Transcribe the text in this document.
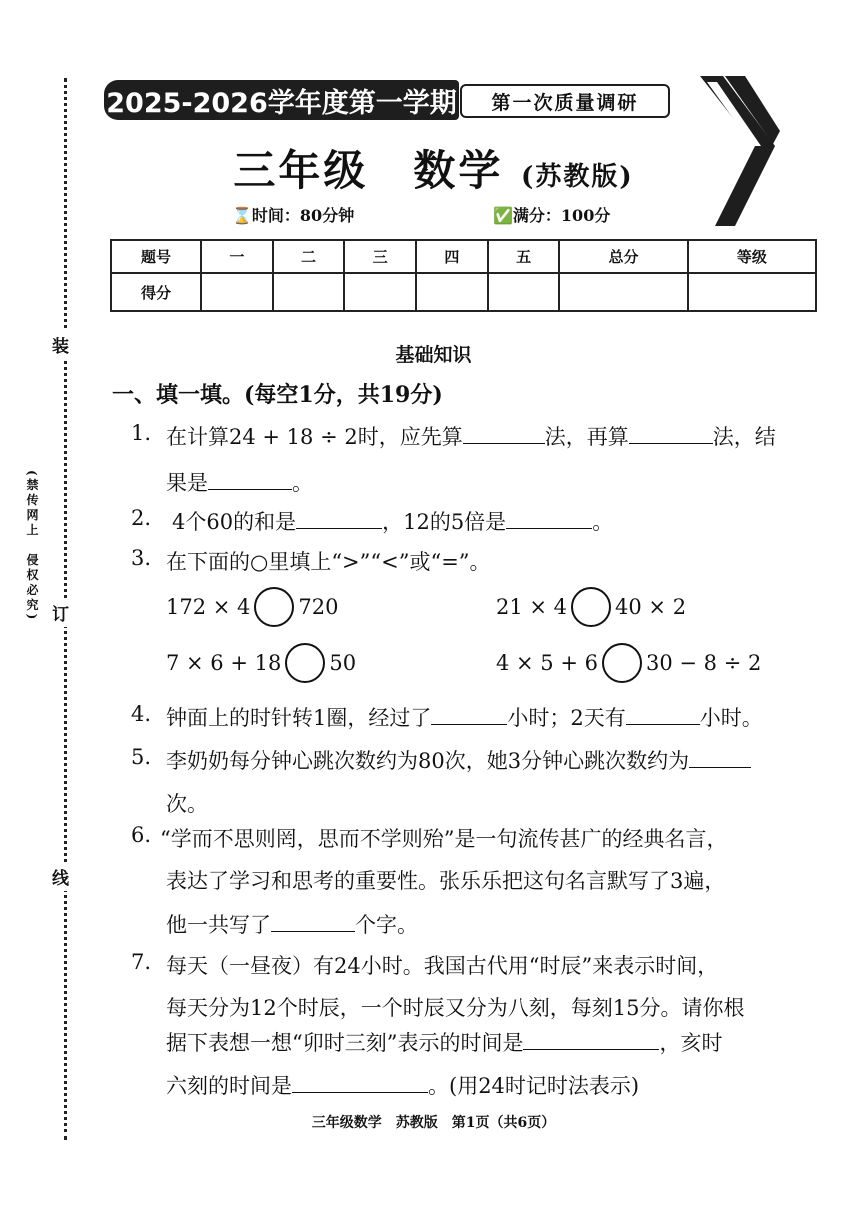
装
订
线
(禁传网上　侵权必究)
2025-2026学年度第一学期	第一次质量调研
三年级　数学 (苏教版)
⌛时间：80分钟	✅满分：100分
题号	一	二	三	四	五	总分	等级
得分							
基础知识
一、填一填。(每空1分，共19分)
1. 在计算24 + 18 ÷ 2时，应先算	法，再算	法，结
果是	。
2. 4个60的和是	，12的5倍是	。
3. 在下面的○里填上“>”“<”或“=”。
172 × 4 720	21 × 4 40 × 2
7 × 6 + 18 50	4 × 5 + 6 30 − 8 ÷ 2
4. 钟面上的时针转1圈，经过了	小时；2天有	小时。
5. 李奶奶每分钟心跳次数约为80次，她3分钟心跳次数约为
次。
6. “学而不思则罔，思而不学则殆”是一句流传甚广的经典名言，
表达了学习和思考的重要性。张乐乐把这句名言默写了3遍，
他一共写了	个字。
7. 每天（一昼夜）有24小时。我国古代用“时辰”来表示时间，
每天分为12个时辰，一个时辰又分为八刻，每刻15分。请你根
据下表想一想“卯时三刻”表示的时间是	，亥时
六刻的时间是	。(用24时记时法表示)
三年级数学　苏教版　第1页（共6页）
